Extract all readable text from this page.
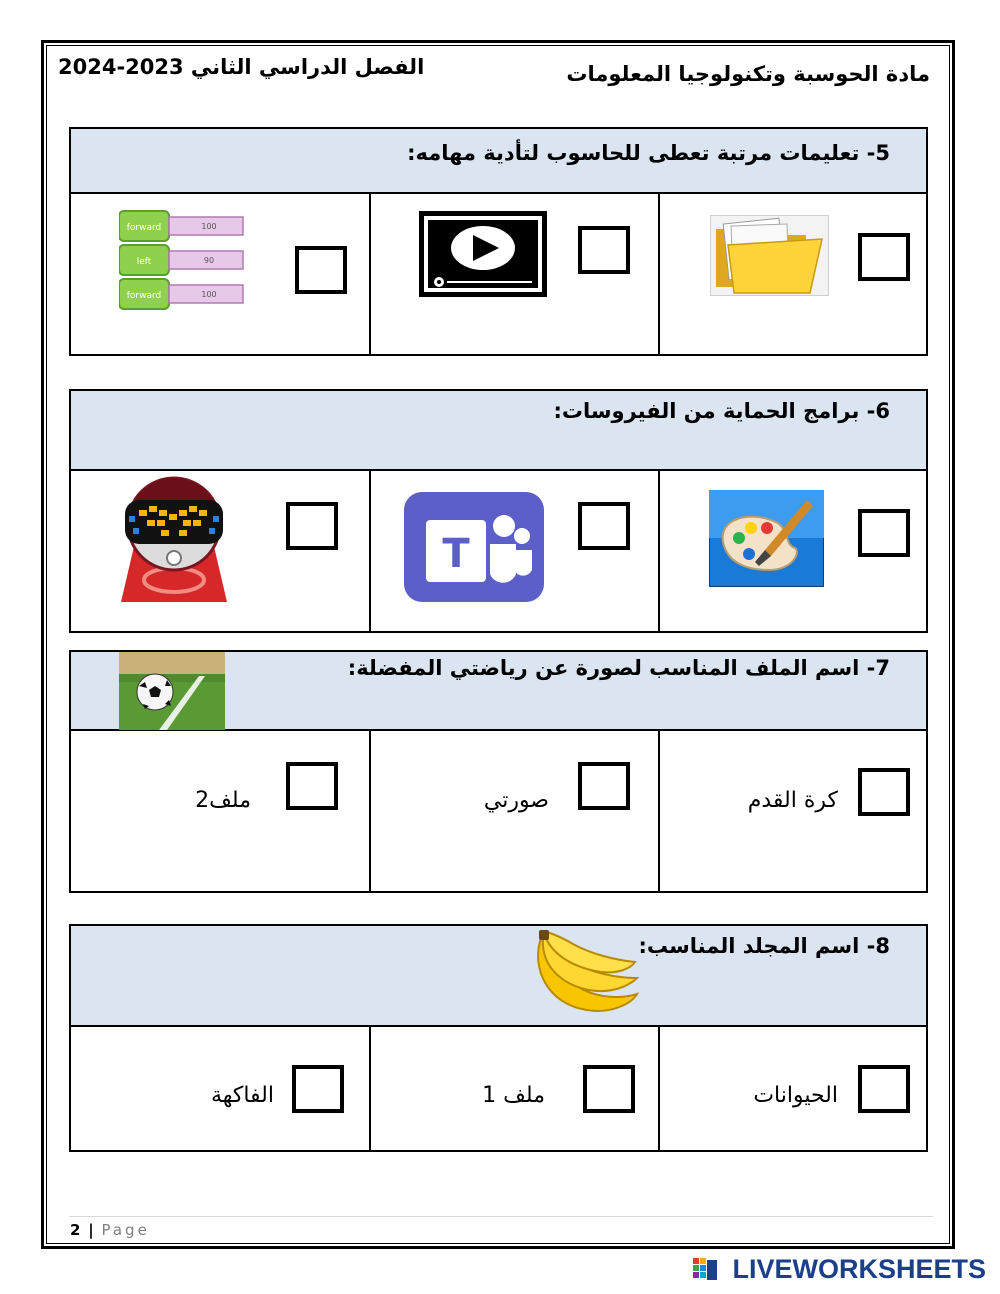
الفصل الدراسي الثاني 2023-2024	مادة الحوسبة وتكنولوجيا المعلومات
5- تعليمات مرتبة تعطى للحاسوب لتأدية مهامه:
forward	100
left	90
forward	100
6- برامج الحماية من الفيروسات:
T
7- اسم الملف المناسب لصورة عن رياضتي المفضلة:
ملف2	صورتي	كرة القدم
8- اسم المجلد المناسب:
الفاكهة	ملف 1	الحيوانات
2 | Page
LIVEWORKSHEETS
